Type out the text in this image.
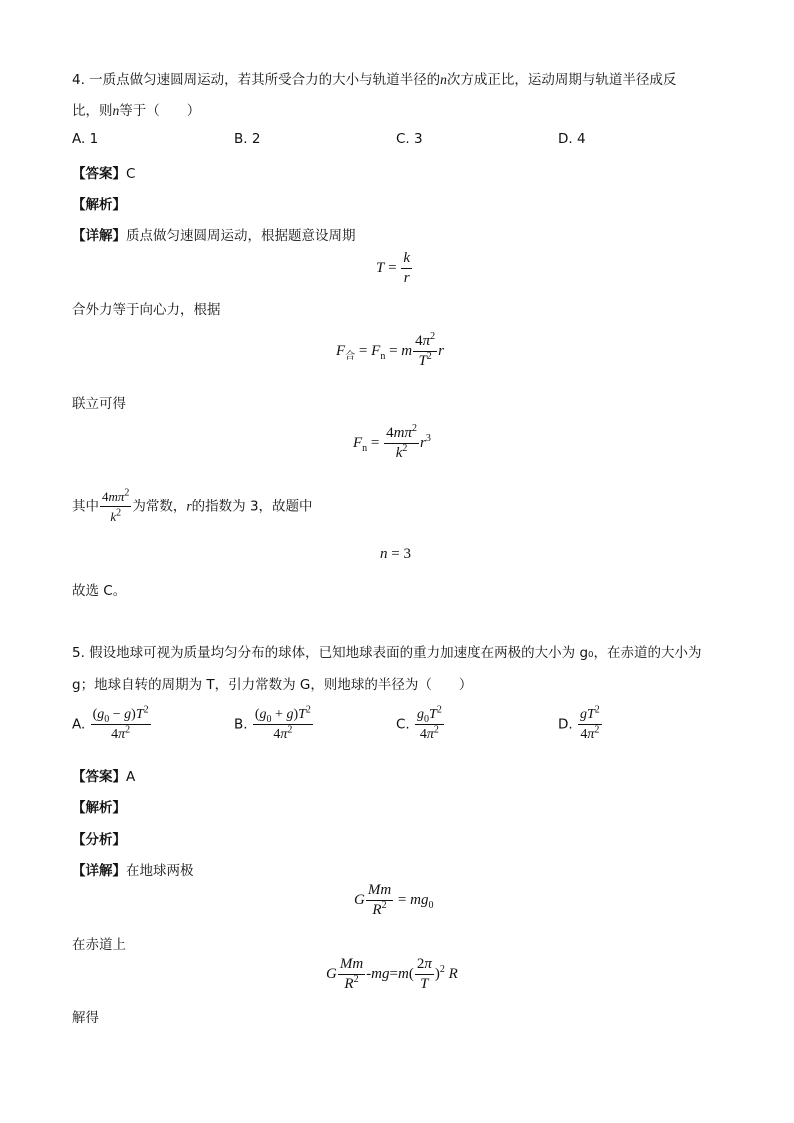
4. 一质点做匀速圆周运动，若其所受合力的大小与轨道半径的n次方成正比，运动周期与轨道半径成反
比，则n等于（　　）
A. 1	B. 2	C. 3	D. 4
【答案】C
【解析】
【详解】质点做匀速圆周运动，根据题意设周期
$T = \frac{k}{r}$
合外力等于向心力，根据
$F_合 = F_n = m \frac{4\pi^2}{T^2}$ r
联立可得
$F_n = \frac{4m\pi^2}{k^2} r^3$
其中 $\frac{4m\pi^2}{k^2}$ 为常数，r的指数为 3，故题中
n = 3
故选 C。
5. 假设地球可视为质量均匀分布的球体，已知地球表面的重力加速度在两极的大小为 g₀，在赤道的大小为
g；地球自转的周期为 T，引力常数为 G，则地球的半径为（　　）
A. $\frac{(g_0 - g)T^2}{4\pi^2}$	B. $\frac{(g_0 + g)T^2}{4\pi^2}$	C. $\frac{g_0T^2}{4\pi^2}$	D. $\frac{gT^2}{4\pi^2}$
【答案】A
【解析】
【分析】
【详解】在地球两极
G $\frac{Mm}{R^2} = mg_0$
在赤道上
G $\frac{Mm}{R^2} -mg=m( \frac{2\pi}{T} )^2$ R
解得
